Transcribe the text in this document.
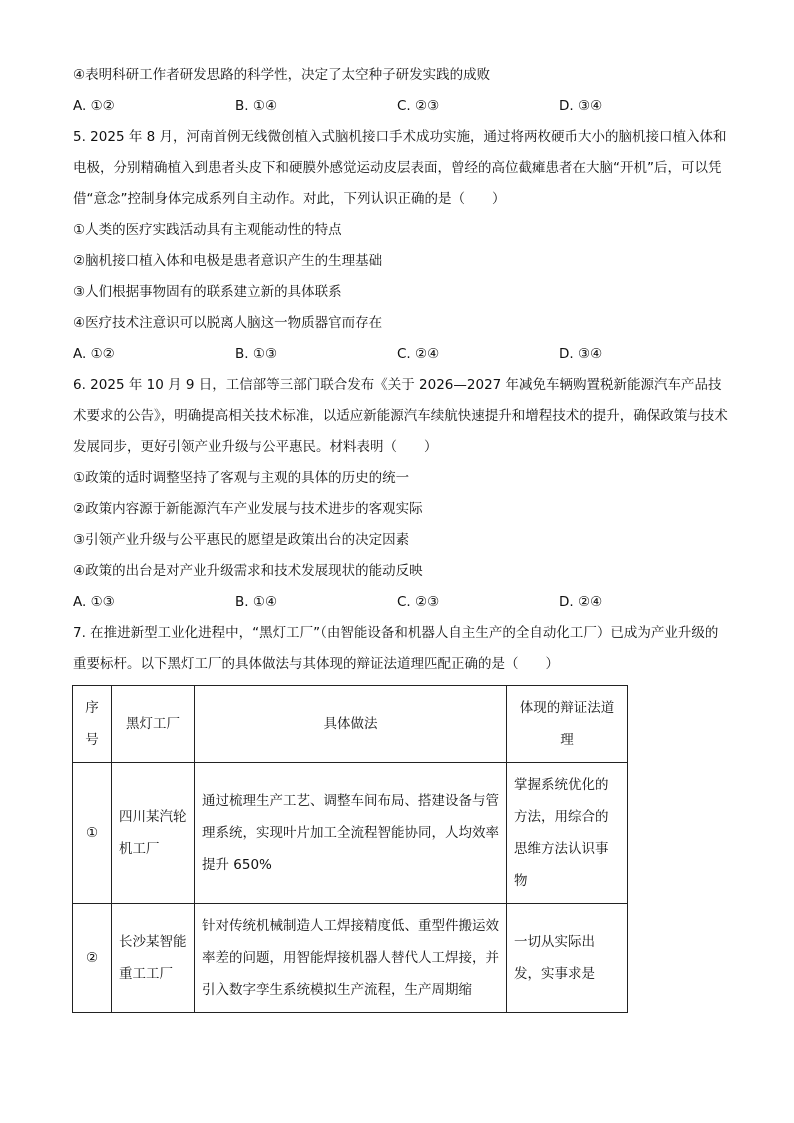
④表明科研工作者研发思路的科学性，决定了太空种子研发实践的成败
A. ①②	B. ①④	C. ②③	D. ③④
5. 2025 年 8 月，河南首例无线微创植入式脑机接口手术成功实施，通过将两枚硬币大小的脑机接口植入体和电极，分别精确植入到患者头皮下和硬膜外感觉运动皮层表面，曾经的高位截瘫患者在大脑“开机”后，可以凭借“意念”控制身体完成系列自主动作。对此，下列认识正确的是（　　）
①人类的医疗实践活动具有主观能动性的特点
②脑机接口植入体和电极是患者意识产生的生理基础
③人们根据事物固有的联系建立新的具体联系
④医疗技术注意识可以脱离人脑这一物质器官而存在
A. ①②	B. ①③	C. ②④	D. ③④
6. 2025 年 10 月 9 日，工信部等三部门联合发布《关于 2026—2027 年减免车辆购置税新能源汽车产品技术要求的公告》，明确提高相关技术标准，以适应新能源汽车续航快速提升和增程技术的提升，确保政策与技术发展同步，更好引领产业升级与公平惠民。材料表明（　　）
①政策的适时调整坚持了客观与主观的具体的历史的统一
②政策内容源于新能源汽车产业发展与技术进步的客观实际
③引领产业升级与公平惠民的愿望是政策出台的决定因素
④政策的出台是对产业升级需求和技术发展现状的能动反映
A. ①③	B. ①④	C. ②③	D. ②④
7. 在推进新型工业化进程中，“黑灯工厂”（由智能设备和机器人自主生产的全自动化工厂）已成为产业升级的重要标杆。以下黑灯工厂的具体做法与其体现的辩证法道理匹配正确的是（　　）
序号	黑灯工厂	具体做法	体现的辩证法道理
①	四川某汽轮机工厂	通过梳理生产工艺、调整车间布局、搭建设备与管理系统，实现叶片加工全流程智能协同，人均效率提升 650%	掌握系统优化的方法，用综合的思维方法认识事物
②	长沙某智能重工工厂	针对传统机械制造人工焊接精度低、重型件搬运效率差的问题，用智能焊接机器人替代人工焊接，并引入数字孪生系统模拟生产流程，生产周期缩	一切从实际出发，实事求是
